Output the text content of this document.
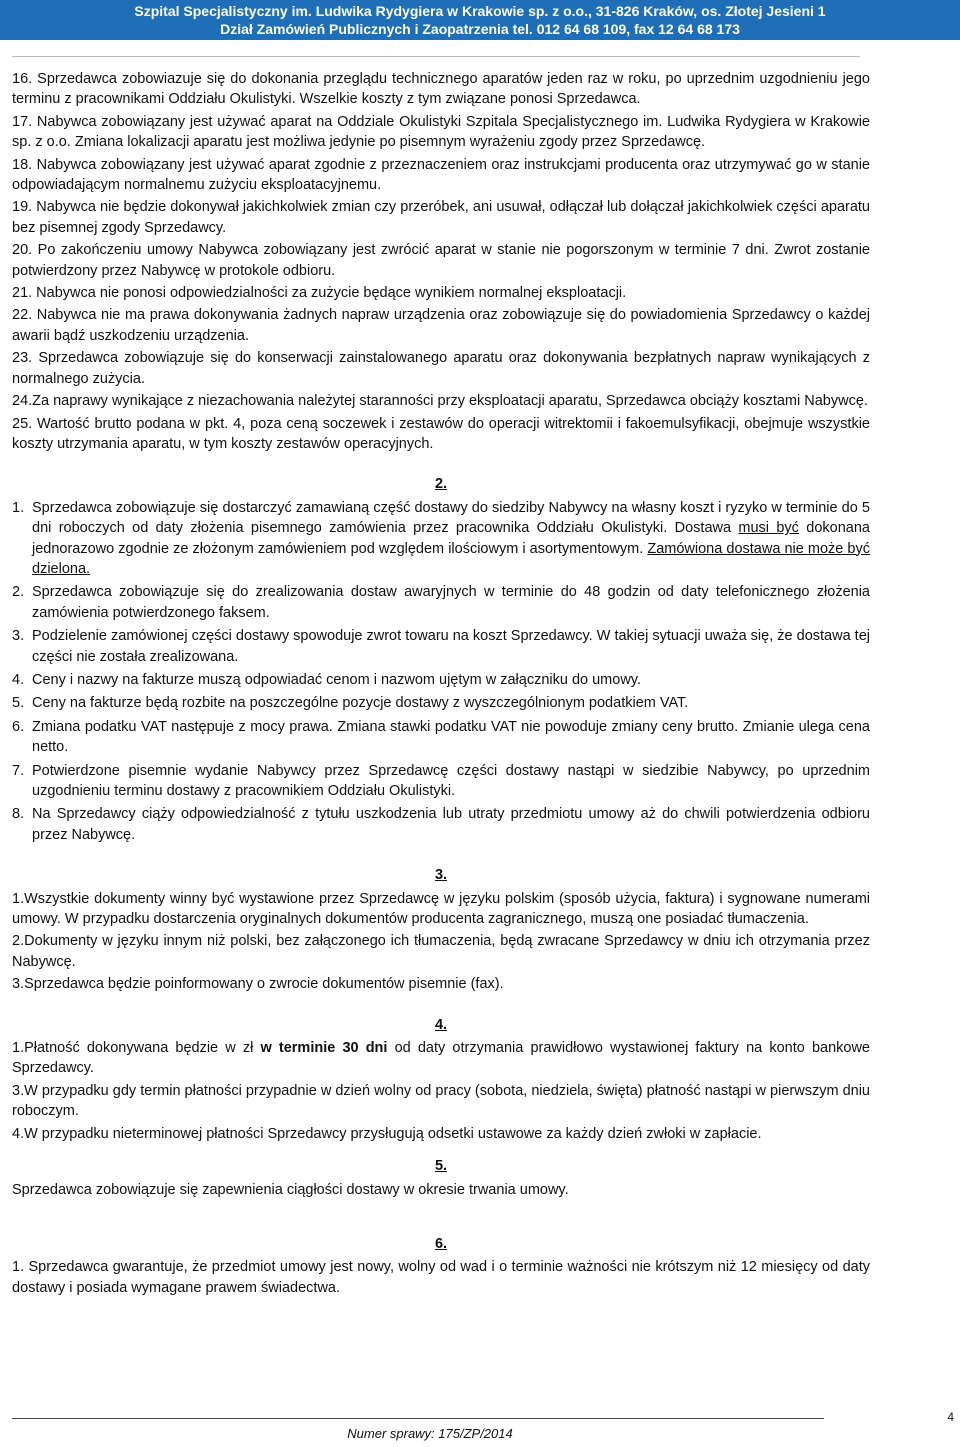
Szpital Specjalistyczny im. Ludwika Rydygiera w Krakowie sp. z o.o., 31-826 Kraków, os. Złotej Jesieni 1
Dział Zamówień Publicznych i Zaopatrzenia tel. 012 64 68 109, fax 12 64 68 173

16. Sprzedawca zobowiazuje się do dokonania przeglądu technicznego aparatów jeden raz w roku, po uprzednim uzgodnieniu jego terminu z pracownikami Oddziału Okulistyki. Wszelkie koszty z tym związane ponosi Sprzedawca.

17. Nabywca zobowiązany jest używać aparat na Oddziale Okulistyki Szpitala Specjalistycznego im. Ludwika Rydygiera w Krakowie sp. z o.o. Zmiana lokalizacji aparatu jest możliwa jedynie po pisemnym wyrażeniu zgody przez Sprzedawcę.

18. Nabywca zobowiązany jest używać aparat zgodnie z przeznaczeniem oraz instrukcjami producenta oraz utrzymywać go w stanie odpowiadającym normalnemu zużyciu eksploatacyjnemu.

19. Nabywca nie będzie dokonywał jakichkolwiek zmian czy przeróbek, ani usuwał, odłączał lub dołączał jakichkolwiek części aparatu bez pisemnej zgody Sprzedawcy.

20. Po zakończeniu umowy Nabywca zobowiązany jest zwrócić aparat w stanie nie pogorszonym w terminie 7 dni. Zwrot zostanie potwierdzony przez Nabywcę w protokole odbioru.

21. Nabywca nie ponosi odpowiedzialności za zużycie będące wynikiem normalnej eksploatacji.

22. Nabywca nie ma prawa dokonywania żadnych napraw urządzenia oraz zobowiązuje się do powiadomienia Sprzedawcy o każdej awarii bądź uszkodzeniu urządzenia.

23. Sprzedawca zobowiązuje się do konserwacji zainstalowanego aparatu oraz dokonywania bezpłatnych napraw wynikających z normalnego zużycia.

24.Za naprawy wynikające z niezachowania należytej staranności przy eksploatacji aparatu, Sprzedawca obciąży kosztami Nabywcę.

25. Wartość brutto podana w pkt. 4, poza ceną soczewek i zestawów do operacji witrektomii i fakoemulsyfikacji, obejmuje wszystkie koszty utrzymania aparatu, w tym koszty zestawów operacyjnych.

2.
1. Sprzedawca zobowiązuje się dostarczyć zamawianą część dostawy do siedziby Nabywcy na własny koszt i ryzyko w terminie do 5 dni roboczych od daty złożenia pisemnego zamówienia przez pracownika Oddziału Okulistyki. Dostawa musi być dokonana jednorazowo zgodnie ze złożonym zamówieniem pod względem ilościowym i asortymentowym. Zamówiona dostawa nie może być dzielona.
2. Sprzedawca zobowiązuje się do zrealizowania dostaw awaryjnych w terminie do 48 godzin od daty telefonicznego złożenia zamówienia potwierdzonego faksem.
3. Podzielenie zamówionej części dostawy spowoduje zwrot towaru na koszt Sprzedawcy. W takiej sytuacji uważa się, że dostawa tej części nie została zrealizowana.
4. Ceny i nazwy na fakturze muszą odpowiadać cenom i nazwom ujętym w załączniku do umowy.
5. Ceny na fakturze będą rozbite na poszczególne pozycje dostawy z wyszczególnionym podatkiem VAT.
6. Zmiana podatku VAT następuje z mocy prawa. Zmiana stawki podatku VAT nie powoduje zmiany ceny brutto. Zmianie ulega cena netto.
7. Potwierdzone pisemnie wydanie Nabywcy przez Sprzedawcę części dostawy nastąpi w siedzibie Nabywcy, po uprzednim uzgodnieniu terminu dostawy z pracownikiem Oddziału Okulistyki.
8. Na Sprzedawcy ciąży odpowiedzialność z tytułu uszkodzenia lub utraty przedmiotu umowy aż do chwili potwierdzenia odbioru przez Nabywcę.
3.

1.Wszystkie dokumenty winny być wystawione przez Sprzedawcę w języku polskim (sposób użycia, faktura) i sygnowane numerami umowy. W przypadku dostarczenia oryginalnych dokumentów producenta zagranicznego, muszą one posiadać tłumaczenia.

2.Dokumenty w języku innym niż polski, bez załączonego ich tłumaczenia, będą zwracane Sprzedawcy w dniu ich otrzymania przez Nabywcę.

3.Sprzedawca będzie poinformowany o zwrocie dokumentów pisemnie (fax).

4.

1.Płatność dokonywana będzie w zł w terminie 30 dni od daty otrzymania prawidłowo wystawionej faktury na konto bankowe Sprzedawcy.

3.W przypadku gdy termin płatności przypadnie w dzień wolny od pracy (sobota, niedziela, święta) płatność nastąpi w pierwszym dniu roboczym.

4.W przypadku nieterminowej płatności Sprzedawcy przysługują odsetki ustawowe za każdy dzień zwłoki w zapłacie.

5.

Sprzedawca zobowiązuje się zapewnienia ciągłości dostawy w okresie trwania umowy.

6.

1. Sprzedawca gwarantuje, że przedmiot umowy jest nowy, wolny od wad i o terminie ważności nie krótszym niż 12 miesięcy od daty dostawy i posiada wymagane prawem świadectwa.

Numer sprawy: 175/ZP/2014
4
